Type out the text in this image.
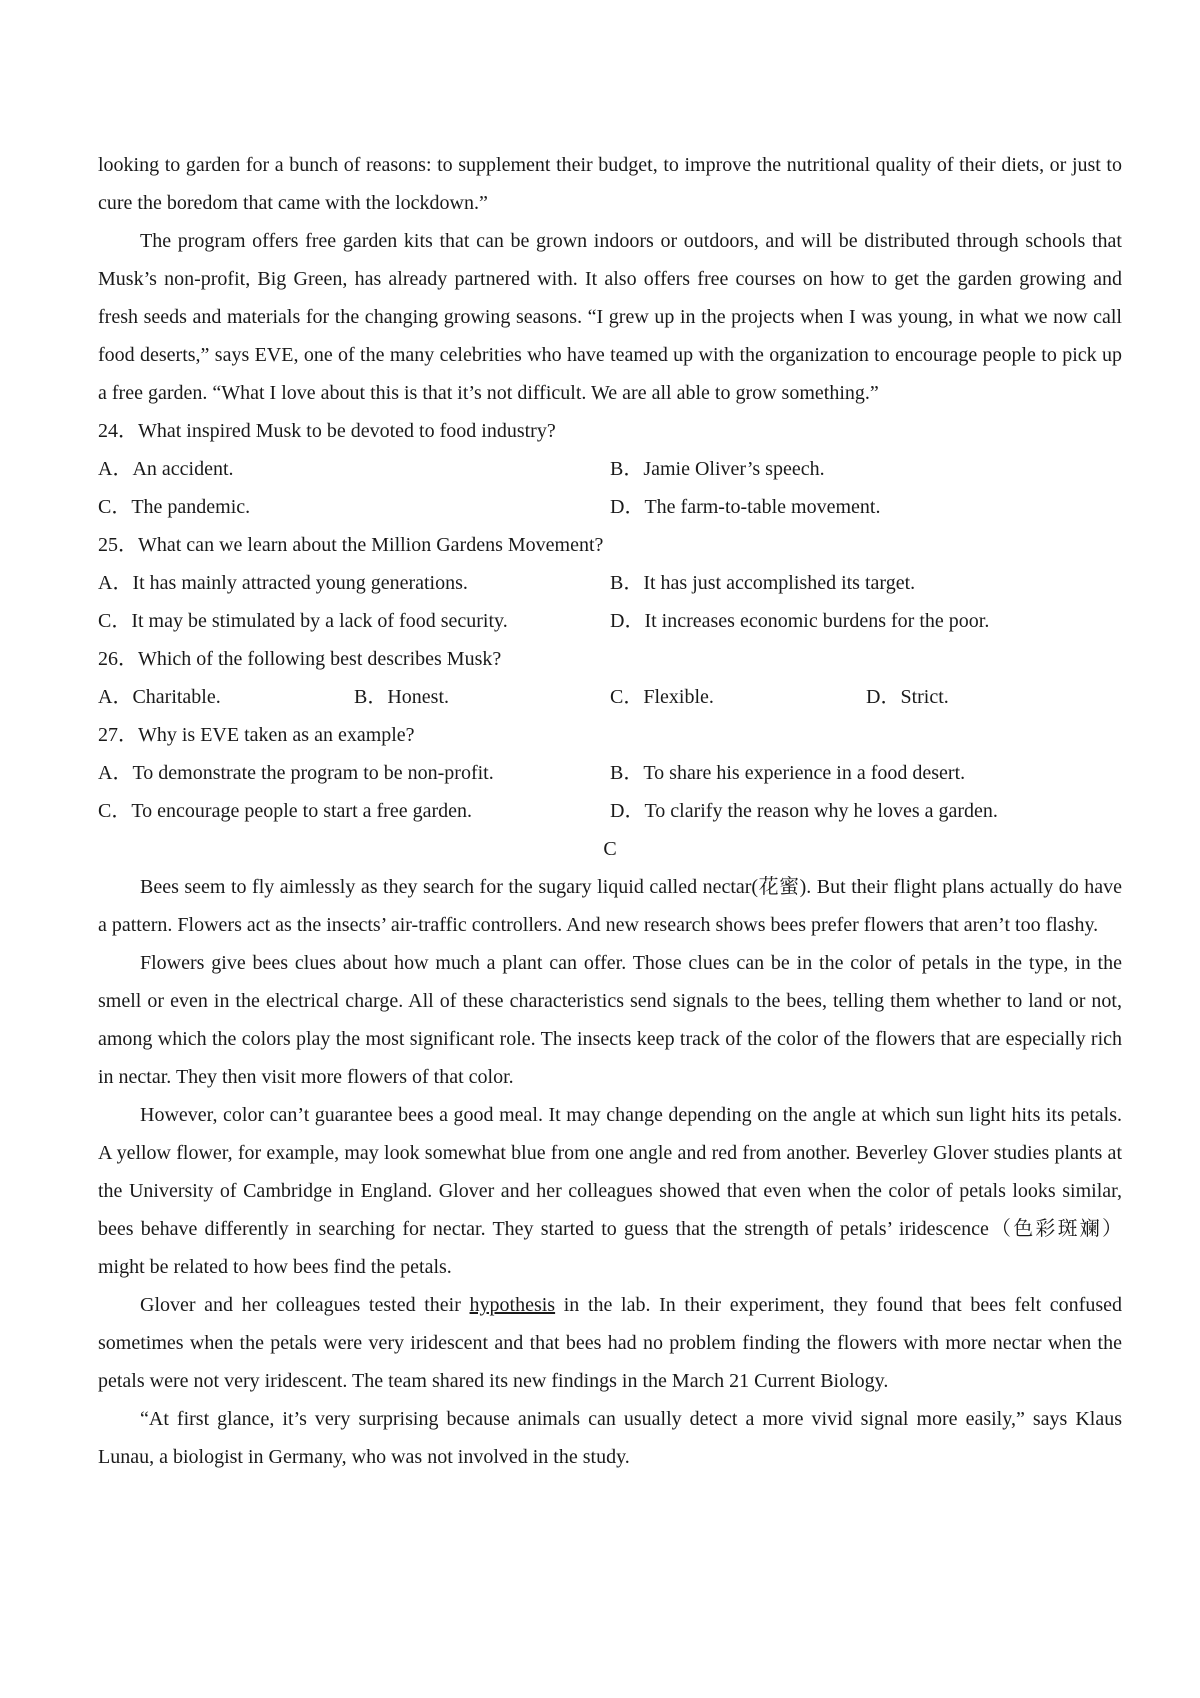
looking to garden for a bunch of reasons: to supplement their budget, to improve the nutritional quality of their diets, or just to cure the boredom that came with the lockdown.”

The program offers free garden kits that can be grown indoors or outdoors, and will be distributed through schools that Musk’s non-profit, Big Green, has already partnered with. It also offers free courses on how to get the garden growing and fresh seeds and materials for the changing growing seasons. “I grew up in the projects when I was young, in what we now call food deserts,” says EVE, one of the many celebrities who have teamed up with the organization to encourage people to pick up a free garden. “What I love about this is that it’s not difficult. We are all able to grow something.”

24．What inspired Musk to be devoted to food industry?

A．An accident.	B．Jamie Oliver’s speech.
C．The pandemic.	D．The farm-to-table movement.

25．What can we learn about the Million Gardens Movement?

A．It has mainly attracted young generations.	B．It has just accomplished its target.
C．It may be stimulated by a lack of food security.	D．It increases economic burdens for the poor.

26．Which of the following best describes Musk?

A．Charitable.	B．Honest.	C．Flexible.	D．Strict.

27．Why is EVE taken as an example?

A．To demonstrate the program to be non-profit.	B．To share his experience in a food desert.
C．To encourage people to start a free garden.	D．To clarify the reason why he loves a garden.

C

Bees seem to fly aimlessly as they search for the sugary liquid called nectar(花蜜). But their flight plans actually do have a pattern. Flowers act as the insects’ air-traffic controllers. And new research shows bees prefer flowers that aren’t too flashy.

Flowers give bees clues about how much a plant can offer. Those clues can be in the color of petals in the type, in the smell or even in the electrical charge. All of these characteristics send signals to the bees, telling them whether to land or not, among which the colors play the most significant role. The insects keep track of the color of the flowers that are especially rich in nectar. They then visit more flowers of that color.

However, color can’t guarantee bees a good meal. It may change depending on the angle at which sun light hits its petals. A yellow flower, for example, may look somewhat blue from one angle and red from another. Beverley Glover studies plants at the University of Cambridge in England. Glover and her colleagues showed that even when the color of petals looks similar, bees behave differently in searching for nectar. They started to guess that the strength of petals’ iridescence（色彩斑斓） might be related to how bees find the petals.

Glover and her colleagues tested their hypothesis in the lab. In their experiment, they found that bees felt confused sometimes when the petals were very iridescent and that bees had no problem finding the flowers with more nectar when the petals were not very iridescent. The team shared its new findings in the March 21 Current Biology.

“At first glance, it’s very surprising because animals can usually detect a more vivid signal more easily,” says Klaus Lunau, a biologist in Germany, who was not involved in the study.
